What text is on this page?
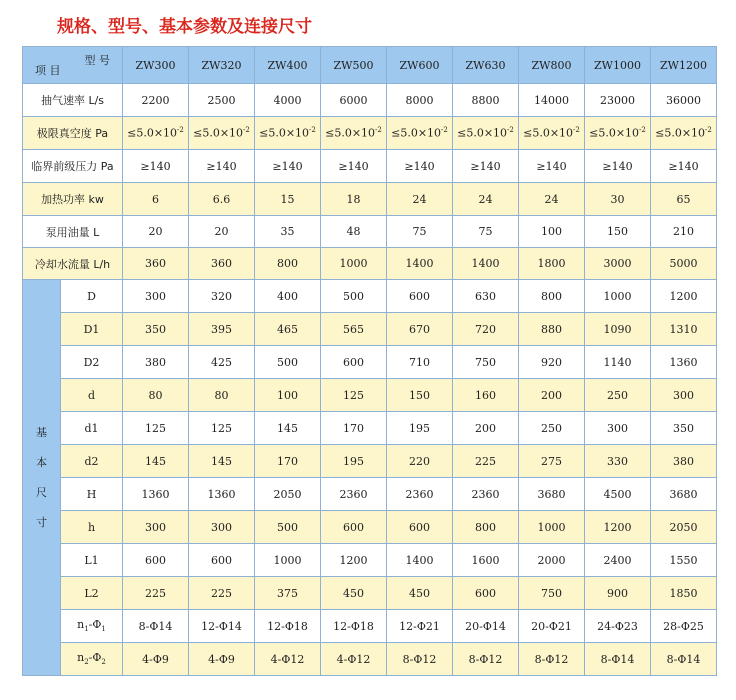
规格、型号、基本参数及连接尺寸
型 号
项 目		ZW300	ZW320	ZW400	ZW500	ZW600	ZW630	ZW800	ZW1000	ZW1200
抽气速率 L/s		2200	2500	4000	6000	8000	8800	14000	23000	36000
极限真空度 Pa		$\le 5.0\times 10^{-2}$	$\le 5.0\times 10^{-2}$	$\le 5.0\times 10^{-2}$	$\le 5.0\times 10^{-2}$	$\le 5.0\times 10^{-2}$	$\le 5.0\times 10^{-2}$	$\le 5.0\times 10^{-2}$	$\le 5.0\times 10^{-2}$	$\le 5.0\times 10^{-2}$
临界前级压力 Pa		≥140	≥140	≥140	≥140	≥140	≥140	≥140	≥140	≥140
加热功率 kw		6	6.6	15	18	24	24	24	30	65
泵用油量 L		20	20	35	48	75	75	100	150	210
冷却水流量 L/h		360	360	800	1000	1400	1400	1800	3000	5000

基
本
尺
寸	D	300	320	400	500	600	630	800	1000	1200
	D1	350	395	465	565	670	720	880	1090	1310
	D2	380	425	500	600	710	750	920	1140	1360
	d	80	80	100	125	150	160	200	250	300
	d1	125	125	145	170	195	200	250	300	350
	d2	145	145	170	195	220	225	275	330	380
	H	1360	1360	2050	2360	2360	2360	3680	4500	3680
	h	300	300	500	600	600	800	1000	1200	2050
	L1	600	600	1000	1200	1400	1600	2000	2400	1550
	L2	225	225	375	450	450	600	750	900	1850
	$n_1-\Phi_1$	8-Φ14	12-Φ14	12-Φ18	12-Φ18	12-Φ21	20-Φ14	20-Φ21	24-Φ23	28-Φ25
	$n_2-\Phi_2$	4-Φ9	4-Φ9	4-Φ12	4-Φ12	8-Φ12	8-Φ12	8-Φ12	8-Φ14	8-Φ14
